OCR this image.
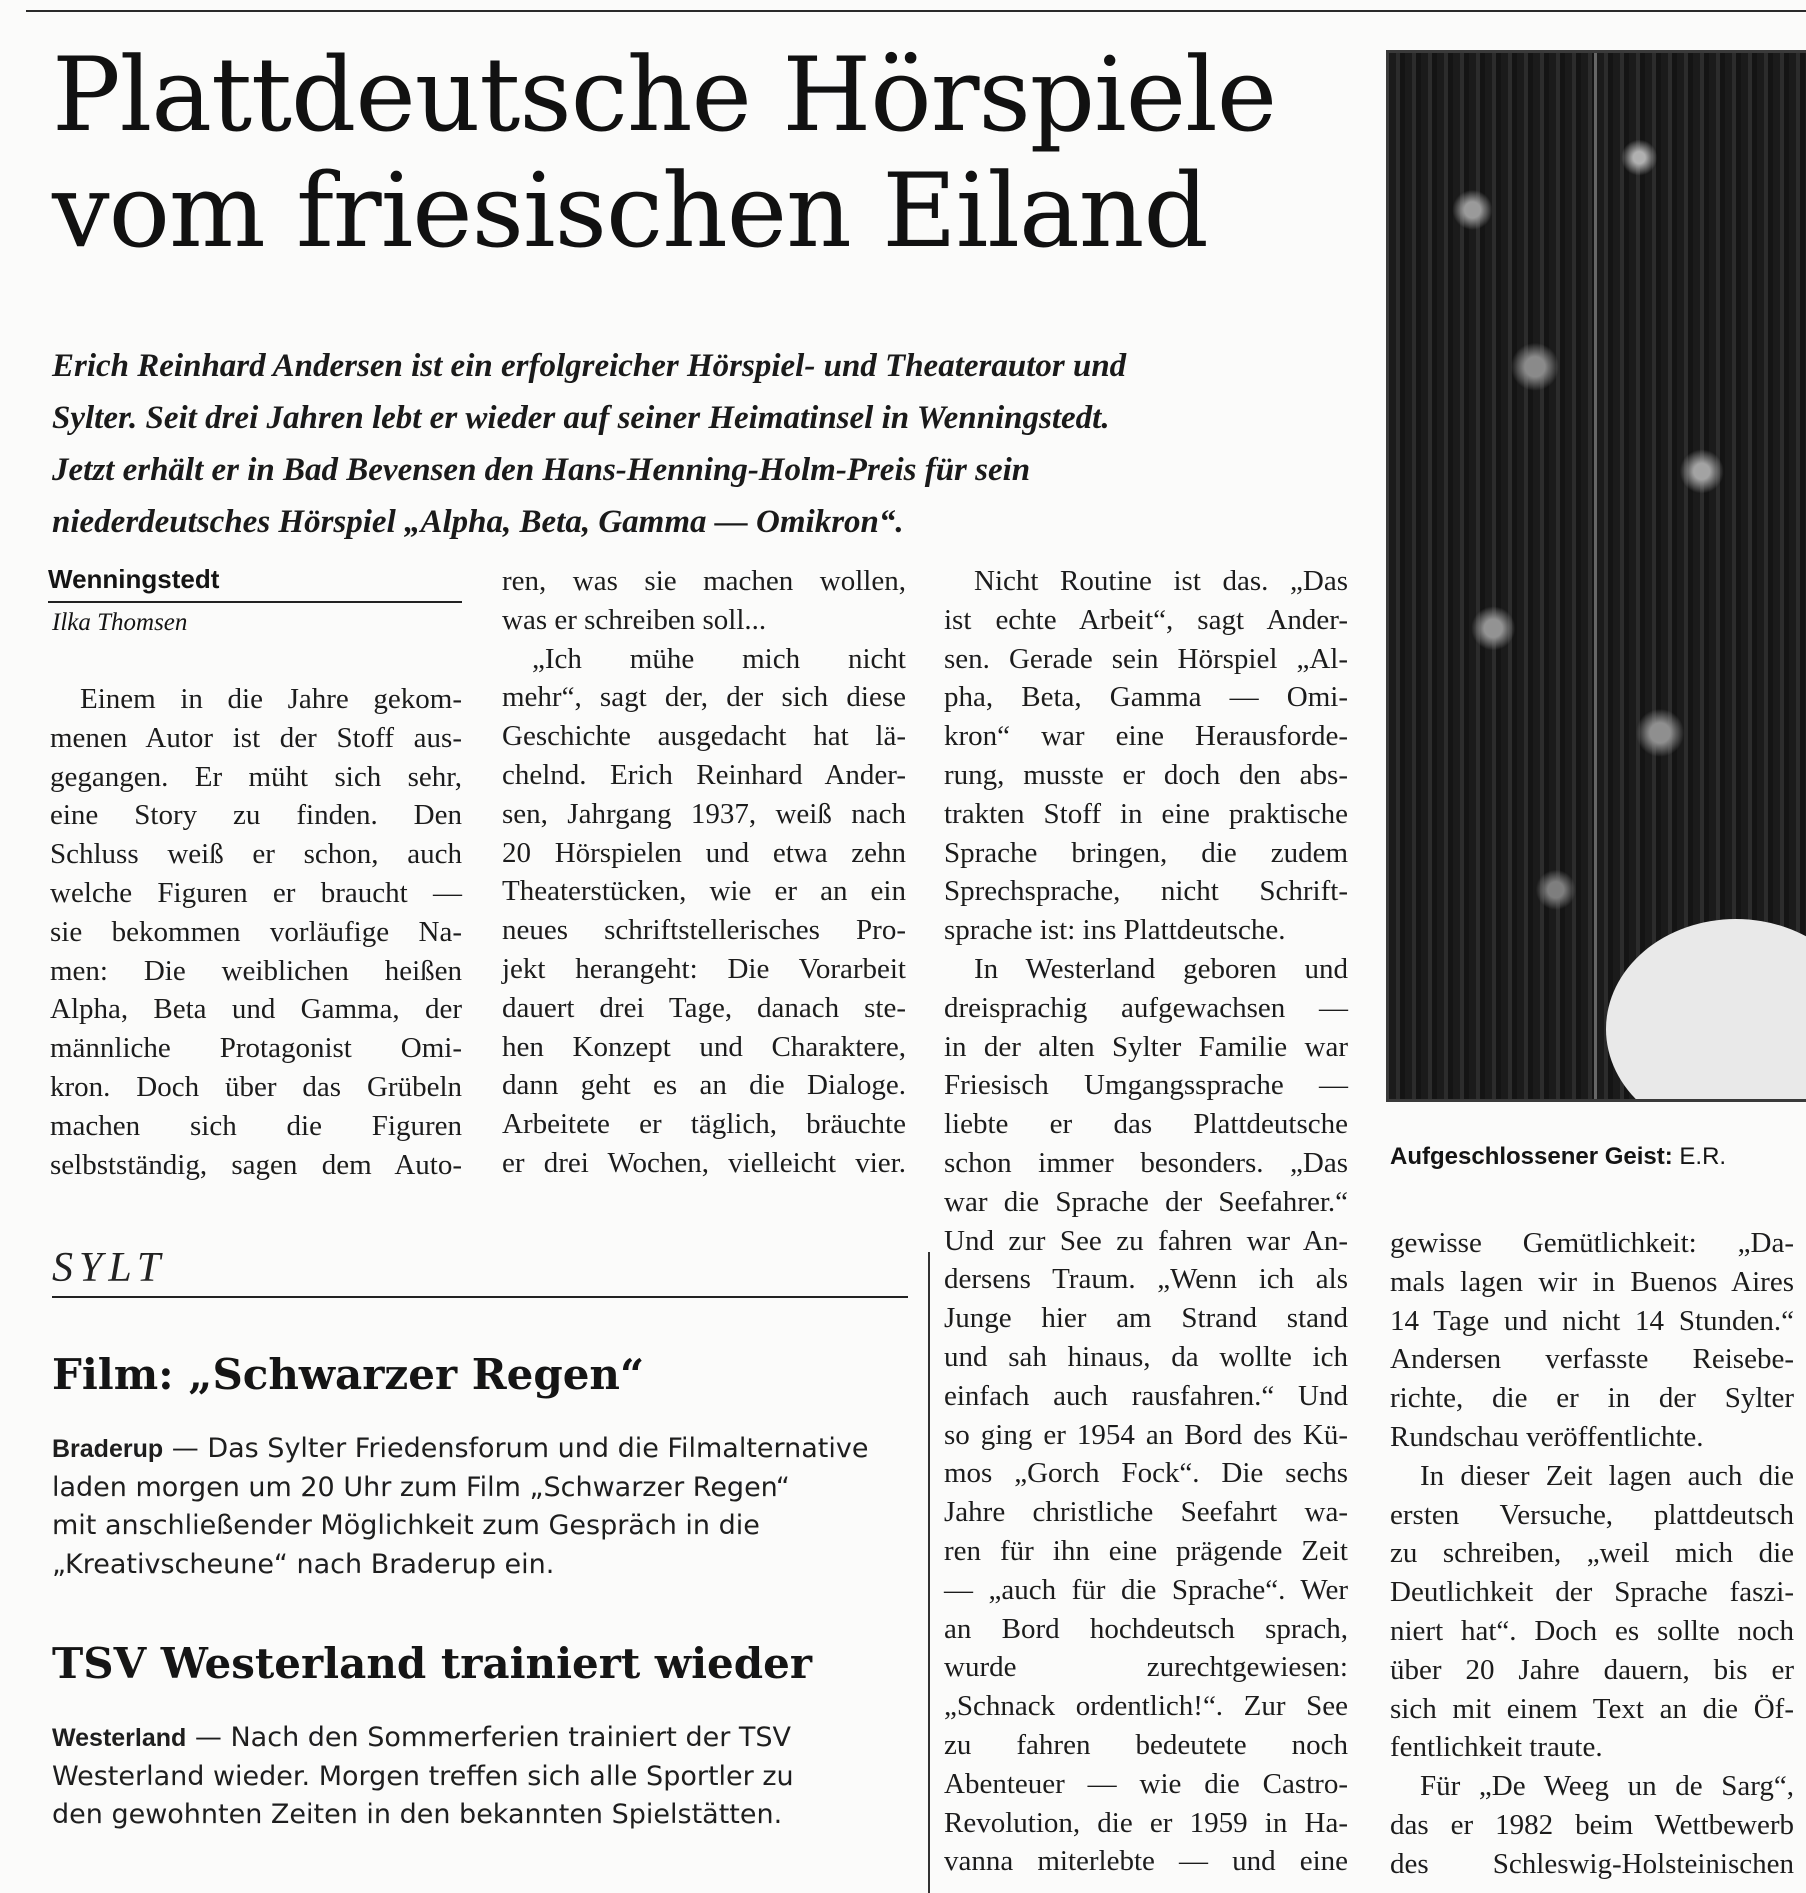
Plattdeutsche Hörspiele
vom friesischen Eiland

Erich Reinhard Andersen ist ein erfolgreicher Hörspiel- und Theaterautor und
Sylter. Seit drei Jahren lebt er wieder auf seiner Heimatinsel in Wenningstedt.
Jetzt erhält er in Bad Bevensen den Hans-Henning-Holm-Preis für sein
niederdeutsches Hörspiel „Alpha, Beta, Gamma — Omikron“.

Wenningstedt
Ilka Thomsen
Einem in die Jahre gekom-
menen Autor ist der Stoff aus-
gegangen. Er müht sich sehr,
eine Story zu finden. Den
Schluss weiß er schon, auch
welche Figuren er braucht —
sie bekommen vorläufige Na-
men: Die weiblichen heißen
Alpha, Beta und Gamma, der
männliche Protagonist Omi-
kron. Doch über das Grübeln
machen sich die Figuren
selbstständig, sagen dem Auto-
ren, was sie machen wollen,
was er schreiben soll...
„Ich mühe mich nicht
mehr“, sagt der, der sich diese
Geschichte ausgedacht hat lä-
chelnd. Erich Reinhard Ander-
sen, Jahrgang 1937, weiß nach
20 Hörspielen und etwa zehn
Theaterstücken, wie er an ein
neues schriftstellerisches Pro-
jekt herangeht: Die Vorarbeit
dauert drei Tage, danach ste-
hen Konzept und Charaktere,
dann geht es an die Dialoge.
Arbeitete er täglich, bräuchte
er drei Wochen, vielleicht vier.
Nicht Routine ist das. „Das
ist echte Arbeit“, sagt Ander-
sen. Gerade sein Hörspiel „Al-
pha, Beta, Gamma — Omi-
kron“ war eine Herausforde-
rung, musste er doch den abs-
trakten Stoff in eine praktische
Sprache bringen, die zudem
Sprechsprache, nicht Schrift-
sprache ist: ins Plattdeutsche.
In Westerland geboren und
dreisprachig aufgewachsen —
in der alten Sylter Familie war
Friesisch Umgangssprache —
liebte er das Plattdeutsche
schon immer besonders. „Das
war die Sprache der Seefahrer.“
Und zur See zu fahren war An-
dersens Traum. „Wenn ich als
Junge hier am Strand stand
und sah hinaus, da wollte ich
einfach auch rausfahren.“ Und
so ging er 1954 an Bord des Kü-
mos „Gorch Fock“. Die sechs
Jahre christliche Seefahrt wa-
ren für ihn eine prägende Zeit
— „auch für die Sprache“. Wer
an Bord hochdeutsch sprach,
wurde zurechtgewiesen:
„Schnack ordentlich!“. Zur See
zu fahren bedeutete noch
Abenteuer — wie die Castro-
Revolution, die er 1959 in Ha-
vanna miterlebte — und eine
Aufgeschlossener Geist: E.R.
gewisse Gemütlichkeit: „Da-
mals lagen wir in Buenos Aires
14 Tage und nicht 14 Stunden.“
Andersen verfasste Reisebe-
richte, die er in der Sylter
Rundschau veröffentlichte.
In dieser Zeit lagen auch die
ersten Versuche, plattdeutsch
zu schreiben, „weil mich die
Deutlichkeit der Sprache faszi-
niert hat“. Doch es sollte noch
über 20 Jahre dauern, bis er
sich mit einem Text an die Öf-
fentlichkeit traute.
Für „De Weeg un de Sarg“,
das er 1982 beim Wettbewerb
des Schleswig-Holsteinischen
SYLT
Film: „Schwarzer Regen“

Braderup — Das Sylter Friedensforum und die Filmalternative
laden morgen um 20 Uhr zum Film „Schwarzer Regen“
mit anschließender Möglichkeit zum Gespräch in die
„Kreativscheune“ nach Braderup ein.

TSV Westerland trainiert wieder

Westerland — Nach den Sommerferien trainiert der TSV
Westerland wieder. Morgen treffen sich alle Sportler zu
den gewohnten Zeiten in den bekannten Spielstätten.
